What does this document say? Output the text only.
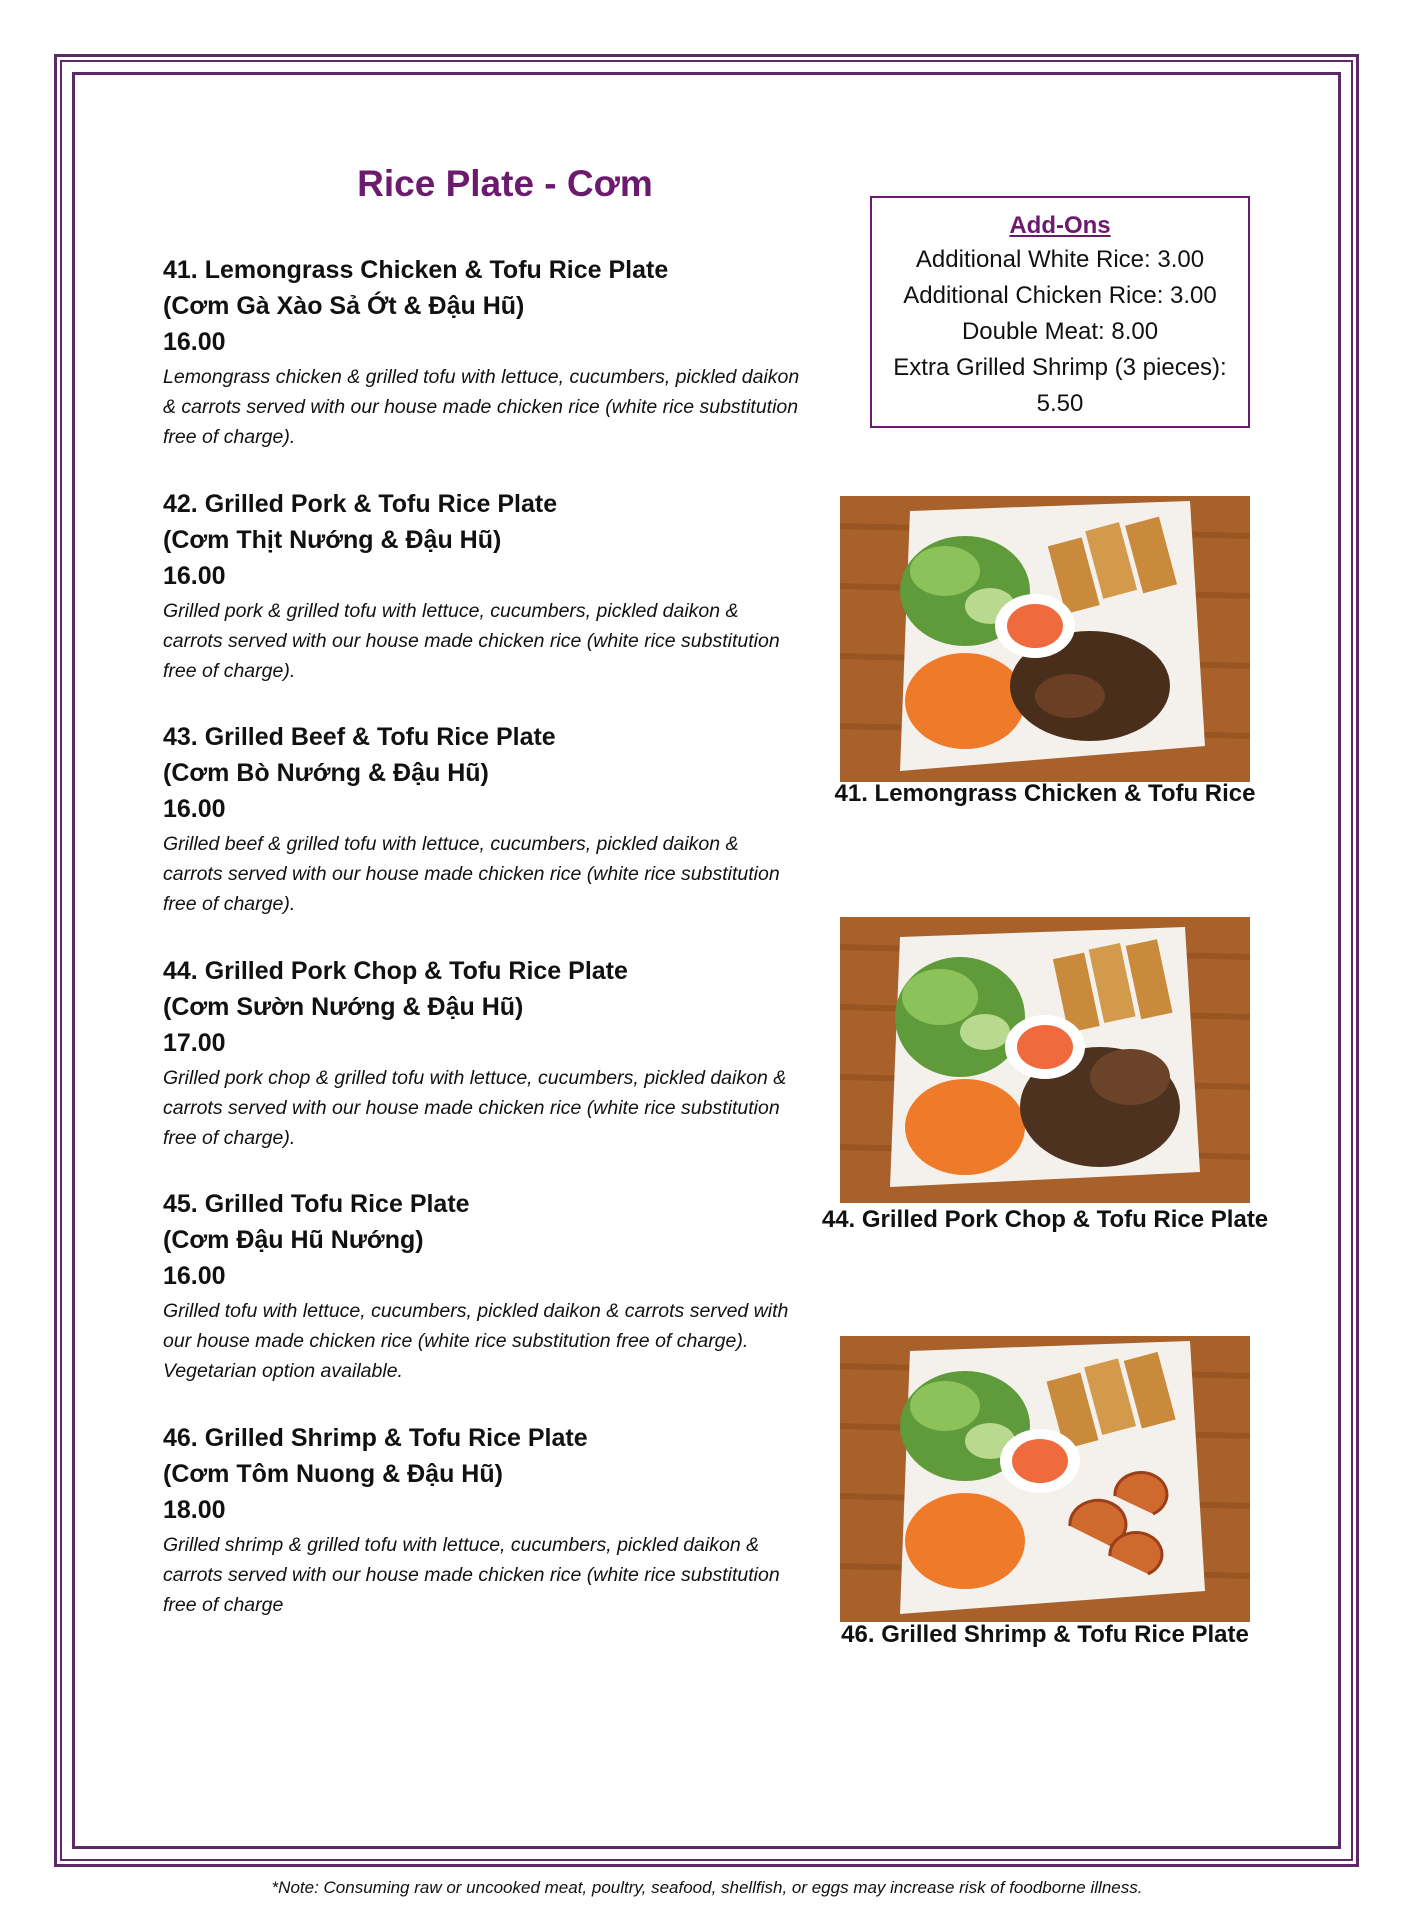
Rice Plate - Cơm
Add-Ons
Additional White Rice: 3.00
Additional Chicken Rice: 3.00
Double Meat: 8.00
Extra Grilled Shrimp (3 pieces):
5.50
41. Lemongrass Chicken & Tofu Rice Plate
(Cơm Gà Xào Sả Ớt & Đậu Hũ)
16.00
Lemongrass chicken & grilled tofu with lettuce, cucumbers, pickled daikon
& carrots served with our house made chicken rice (white rice substitution
free of charge).
42. Grilled Pork & Tofu Rice Plate
(Cơm Thịt Nướng & Đậu Hũ)
16.00
Grilled pork & grilled tofu with lettuce, cucumbers, pickled daikon &
carrots served with our house made chicken rice (white rice substitution
free of charge).
43. Grilled Beef & Tofu Rice Plate
(Cơm Bò Nướng & Đậu Hũ)
16.00
Grilled beef & grilled tofu with lettuce, cucumbers, pickled daikon &
carrots served with our house made chicken rice (white rice substitution
free of charge).
44. Grilled Pork Chop & Tofu Rice Plate
(Cơm Sườn Nướng & Đậu Hũ)
17.00
Grilled pork chop & grilled tofu with lettuce, cucumbers, pickled daikon &
carrots served with our house made chicken rice (white rice substitution
free of charge).
45. Grilled Tofu Rice Plate
(Cơm Đậu Hũ Nướng)
16.00
Grilled tofu with lettuce, cucumbers, pickled daikon & carrots served with
our house made chicken rice (white rice substitution free of charge).
Vegetarian option available.
46. Grilled Shrimp & Tofu Rice Plate
(Cơm Tôm Nuong & Đậu Hũ)
18.00
Grilled shrimp & grilled tofu with lettuce, cucumbers, pickled daikon &
carrots served with our house made chicken rice (white rice substitution
free of charge
41. Lemongrass Chicken & Tofu Rice
44. Grilled Pork Chop & Tofu Rice Plate
46. Grilled Shrimp & Tofu Rice Plate
*Note: Consuming raw or uncooked meat, poultry, seafood, shellfish, or eggs may increase risk of foodborne illness.
